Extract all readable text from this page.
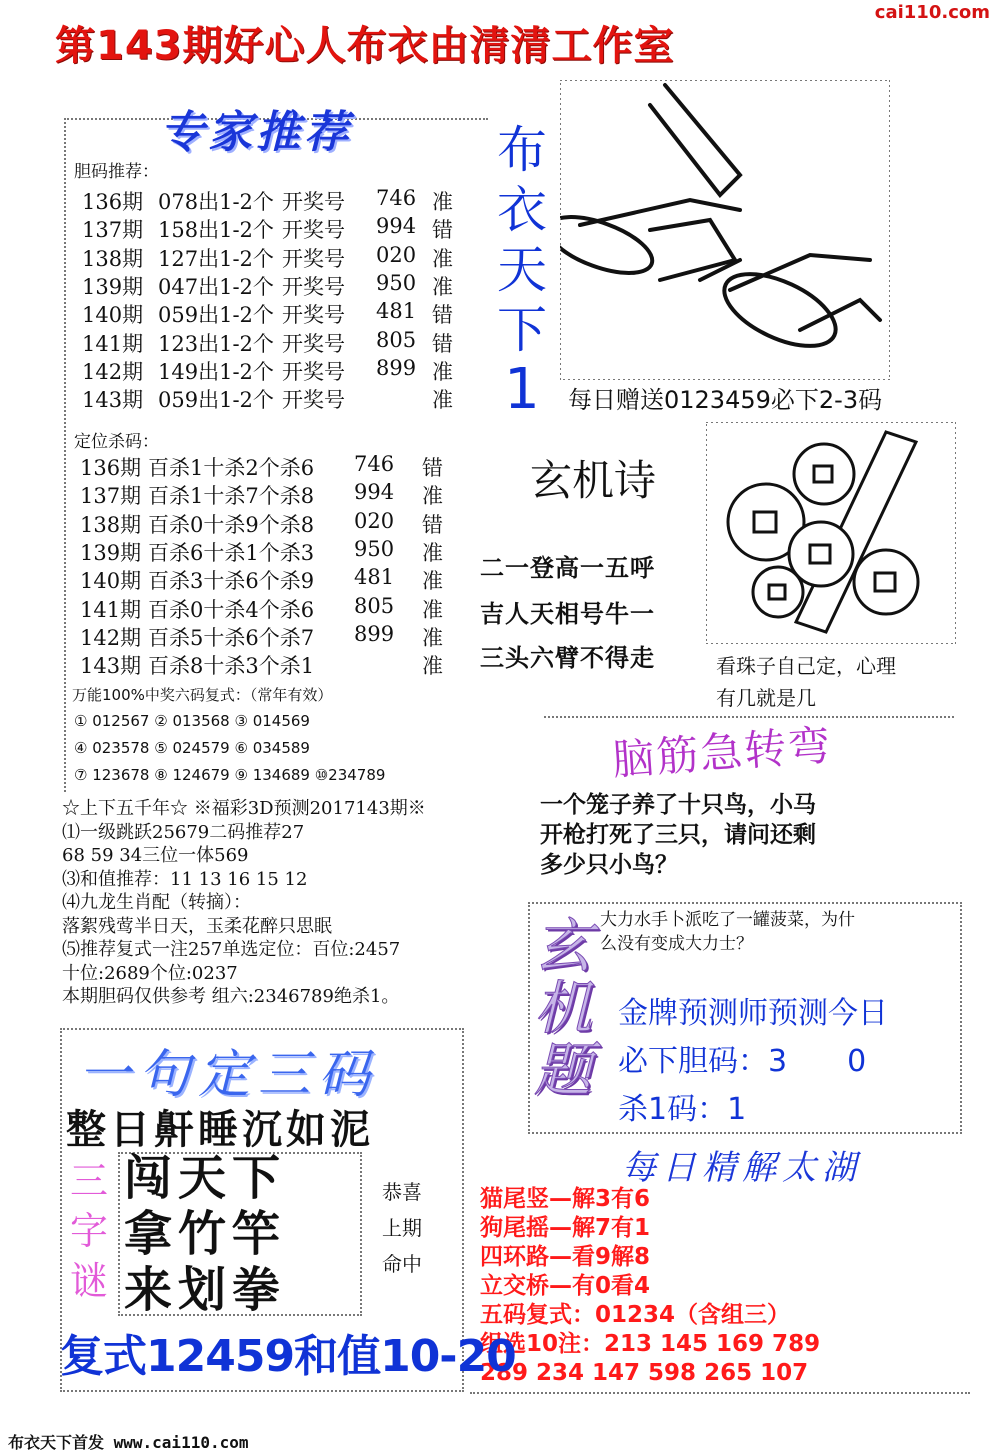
cai110.com
第143期好心人布衣由清清工作室
专家推荐
胆码推荐：
136期 078出1-2个 开奖号 746 准
137期 158出1-2个 开奖号 994 错
138期 127出1-2个 开奖号 020 准
139期 047出1-2个 开奖号 950 准
140期 059出1-2个 开奖号 481 错
141期 123出1-2个 开奖号 805 错
142期 149出1-2个 开奖号 899 准
143期 059出1-2个 开奖号	准
定位杀码：
136期 百杀1十杀2个杀6 746 错
137期 百杀1十杀7个杀8 994 准
138期 百杀0十杀9个杀8 020 错
139期 百杀6十杀1个杀3 950 准
140期 百杀3十杀6个杀9 481 准
141期 百杀0十杀4个杀6 805 准
142期 百杀5十杀6个杀7 899 准
143期 百杀8十杀3个杀1	准
万能100%中奖六码复式：（常年有效）
① 012567 ② 013568 ③ 014569
④ 023578 ⑤ 024579 ⑥ 034589
⑦ 123678 ⑧ 124679 ⑨ 134689 ⑩234789
☆上下五千年☆ ※福彩3D预测2017143期※
⑴一级跳跃25679二码推荐27
68 59 34三位一体569
⑶和值推荐：11 13 16 15 12
⑷九龙生肖配（转摘）：
落絮残莺半日天，玉柔花醉只思眠
⑸推荐复式一注257单选定位：百位:2457
十位:2689个位:0237
本期胆码仅供参考 组六:2346789绝杀1。
布
衣
天
下
1	每日赠送0123459必下2-3码
玄机诗
二一登高一五呼
吉人天相号牛一
三头六臂不得走	看珠子自己定，心理
有几就是几
脑筋急转弯
一个笼子养了十只鸟，小马
开枪打死了三只，请问还剩
多少只小鸟？
玄
机
题
大力水手卜派吃了一罐菠菜，为什
么没有变成大力士？
金牌预测师预测今日
必下胆码：3　　0
杀1码：1
每日精解太湖
猫尾竖—解3有6
狗尾摇—解7有1
四环路—看9解8
立交桥—有0看4
五码复式：01234（含组三）
组选10注：213 145 169 789
289 234 147 598 265 107
一句定三码
整日鼾睡沉如泥
三
字
谜
闯天下
拿竹竿
来划拳
恭喜
上期
命中
复式12459和值10-20
布衣天下首发 www.cai110.com
